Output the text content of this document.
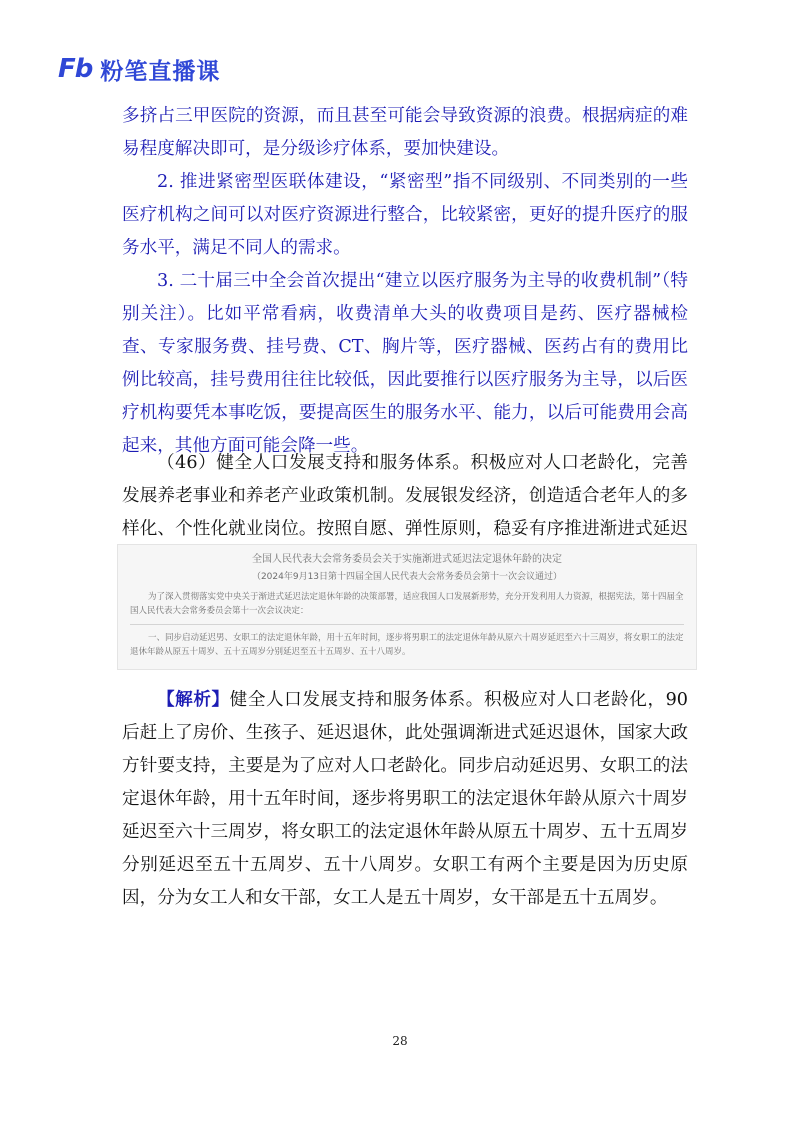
Fb 粉笔直播课

多挤占三甲医院的资源，而且甚至可能会导致资源的浪费。根据病症的难易程度解决即可，是分级诊疗体系，要加快建设。

2. 推进紧密型医联体建设，“紧密型”指不同级别、不同类别的一些医疗机构之间可以对医疗资源进行整合，比较紧密，更好的提升医疗的服务水平，满足不同人的需求。

3. 二十届三中全会首次提出“建立以医疗服务为主导的收费机制”（特别关注）。比如平常看病，收费清单大头的收费项目是药、医疗器械检查、专家服务费、挂号费、CT、胸片等，医疗器械、医药占有的费用比例比较高，挂号费用往往比较低，因此要推行以医疗服务为主导，以后医疗机构要凭本事吃饭，要提高医生的服务水平、能力，以后可能费用会高起来，其他方面可能会降一些。

（46）健全人口发展支持和服务体系。积极应对人口老龄化，完善发展养老事业和养老产业政策机制。发展银发经济，创造适合老年人的多样化、个性化就业岗位。按照自愿、弹性原则，稳妥有序推进渐进式延迟

全国人民代表大会常务委员会关于实施渐进式延迟法定退休年龄的决定
（2024年9月13日第十四届全国人民代表大会常务委员会第十一次会议通过）
为了深入贯彻落实党中央关于渐进式延迟法定退休年龄的决策部署，适应我国人口发展新形势，充分开发利用人力资源，根据宪法，第十四届全国人民代表大会常务委员会第十一次会议决定：
一、同步启动延迟男、女职工的法定退休年龄，用十五年时间，逐步将男职工的法定退休年龄从原六十周岁延迟至六十三周岁，将女职工的法定退休年龄从原五十周岁、五十五周岁分别延迟至五十五周岁、五十八周岁。

【解析】健全人口发展支持和服务体系。积极应对人口老龄化，90后赶上了房价、生孩子、延迟退休，此处强调渐进式延迟退休，国家大政方针要支持，主要是为了应对人口老龄化。同步启动延迟男、女职工的法定退休年龄，用十五年时间，逐步将男职工的法定退休年龄从原六十周岁延迟至六十三周岁，将女职工的法定退休年龄从原五十周岁、五十五周岁分别延迟至五十五周岁、五十八周岁。女职工有两个主要是因为历史原因，分为女工人和女干部，女工人是五十周岁，女干部是五十五周岁。

28
